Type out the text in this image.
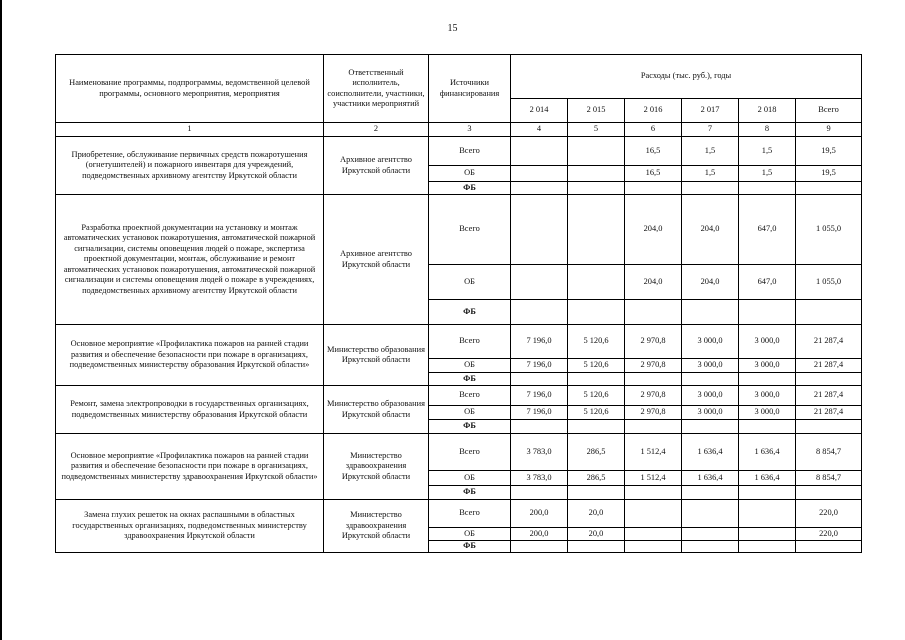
15
Наименование программы, подпрограммы, ведомственной целевой программы, основного мероприятия, мероприятия	Ответственный исполнитель, соисполнители, участники, участники мероприятий	Источники финансирования	Расходы (тыс. руб.), годы					
			2 014	2 015	2 016	2 017	2 018	Всего
1	2	3	4	5	6	7	8	9
Приобретение, обслуживание первичных средств пожаротушения (огнетушителей) и пожарного инвентаря для учреждений, подведомственных архивному агентству Иркутской области	Архивное агентство Иркутской области	Всего			16,5	1,5	1,5	19,5
		ОБ			16,5	1,5	1,5	19,5
		ФБ						
Разработка проектной документации на установку и монтаж автоматических установок пожаротушения, автоматической пожарной сигнализации, системы оповещения людей о пожаре, экспертиза проектной документации, монтаж, обслуживание и ремонт автоматических установок пожаротушения, автоматической пожарной сигнализации и системы оповещения людей о пожаре в учреждениях, подведомственных архивному агентству Иркутской области	Архивное агентство Иркутской области	Всего			204,0	204,0	647,0	1 055,0
		ОБ			204,0	204,0	647,0	1 055,0
		ФБ						
Основное мероприятие «Профилактика пожаров на ранней стадии развития и обеспечение безопасности при пожаре в организациях, подведомственных министерству образования Иркутской области»	Министерство образования Иркутской области	Всего	7 196,0	5 120,6	2 970,8	3 000,0	3 000,0	21 287,4
		ОБ	7 196,0	5 120,6	2 970,8	3 000,0	3 000,0	21 287,4
		ФБ						
Ремонт, замена электропроводки в государственных организациях, подведомственных министерству образования Иркутской области	Министерство образования Иркутской области	Всего	7 196,0	5 120,6	2 970,8	3 000,0	3 000,0	21 287,4
		ОБ	7 196,0	5 120,6	2 970,8	3 000,0	3 000,0	21 287,4
		ФБ						
Основное мероприятие «Профилактика пожаров на ранней стадии развития и обеспечение безопасности при пожаре в организациях, подведомственных министерству здравоохранения Иркутской области»	Министерство здравоохранения Иркутской области	Всего	3 783,0	286,5	1 512,4	1 636,4	1 636,4	8 854,7
		ОБ	3 783,0	286,5	1 512,4	1 636,4	1 636,4	8 854,7
		ФБ						
Замена глухих решеток на окнах распашными в областных государственных организациях, подведомственных министерству здравоохранения Иркутской области	Министерство здравоохранения Иркутской области	Всего	200,0	20,0				220,0
		ОБ	200,0	20,0				220,0
		ФБ						
